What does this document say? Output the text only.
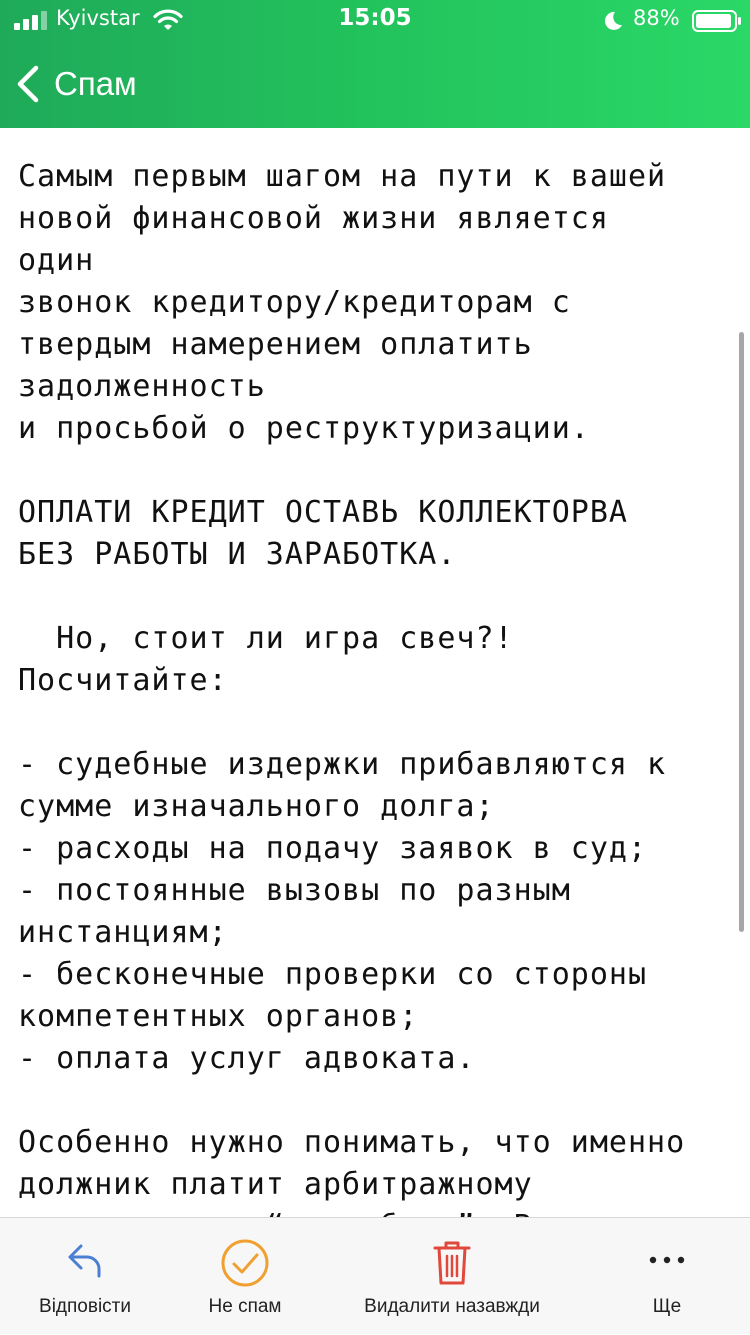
Kyivstar	15:05	88%
Спам
Самым первым шагом на пути к вашей
новой финансовой жизни является
один
звонок кредитору/кредиторам с
твердым намерением оплатить
задолженность
и просьбой о реструктуризации.

ОПЛАТИ КРЕДИТ ОСТАВЬ КОЛЛЕКТОРВА
БЕЗ РАБОТЫ И ЗАРАБОТКА.

Но, стоит ли игра свеч?!
Посчитайте:

- судебные издержки прибавляются к
сумме изначального долга;
- расходы на подачу заявок в суд;
- постоянные вызовы по разным
инстанциям;
- бесконечные проверки со стороны
компетентных органов;
- оплата услуг адвоката.

Особенно нужно понимать, что именно
должник платит арбитражному

Відповісти	Не спам	Видалити назавжди	Ще
